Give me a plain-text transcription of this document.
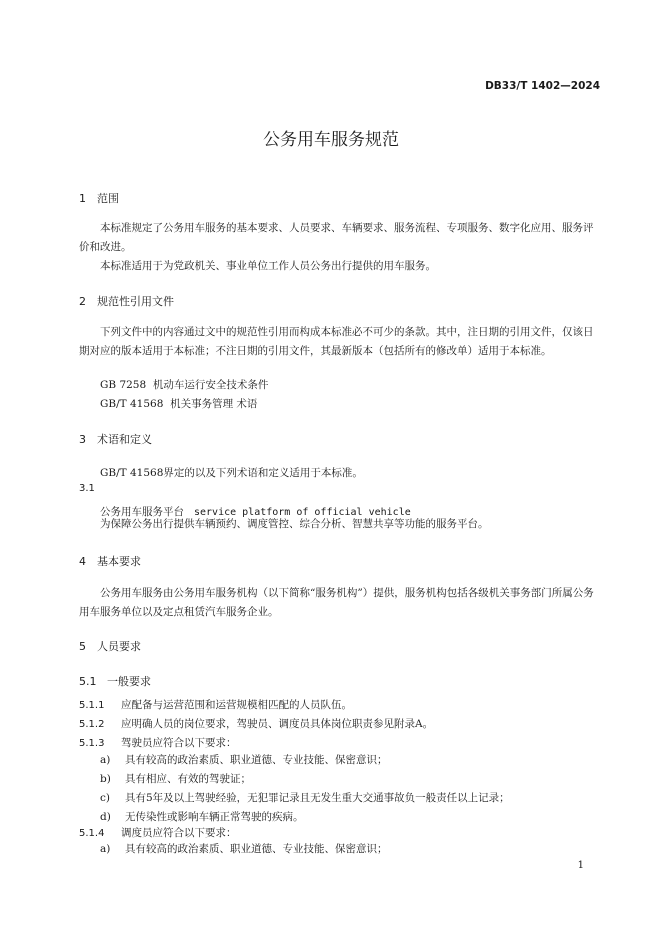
DB33/T 1402—2024
公务用车服务规范
1 范围
本标准规定了公务用车服务的基本要求、人员要求、车辆要求、服务流程、专项服务、数字化应用、服务评价和改进。
本标准适用于为党政机关、事业单位工作人员公务出行提供的用车服务。
2 规范性引用文件
下列文件中的内容通过文中的规范性引用而构成本标准必不可少的条款。其中，注日期的引用文件，仅该日期对应的版本适用于本标准；不注日期的引用文件，其最新版本（包括所有的修改单）适用于本标准。
GB 7258 机动车运行安全技术条件
GB/T 41568 机关事务管理 术语
3 术语和定义
GB/T 41568界定的以及下列术语和定义适用于本标准。
3.1
公务用车服务平台 service platform of official vehicle
为保障公务出行提供车辆预约、调度管控、综合分析、智慧共享等功能的服务平台。
4 基本要求
公务用车服务由公务用车服务机构（以下简称“服务机构”）提供，服务机构包括各级机关事务部门所属公务用车服务单位以及定点租赁汽车服务企业。
5 人员要求
5.1 一般要求
5.1.1 应配备与运营范围和运营规模相匹配的人员队伍。
5.1.2 应明确人员的岗位要求，驾驶员、调度员具体岗位职责参见附录A。
5.1.3 驾驶员应符合以下要求：
a) 具有较高的政治素质、职业道德、专业技能、保密意识；
b) 具有相应、有效的驾驶证；
c) 具有5年及以上驾驶经验，无犯罪记录且无发生重大交通事故负一般责任以上记录；
d) 无传染性或影响车辆正常驾驶的疾病。
5.1.4 调度员应符合以下要求：
a) 具有较高的政治素质、职业道德、专业技能、保密意识；
1
